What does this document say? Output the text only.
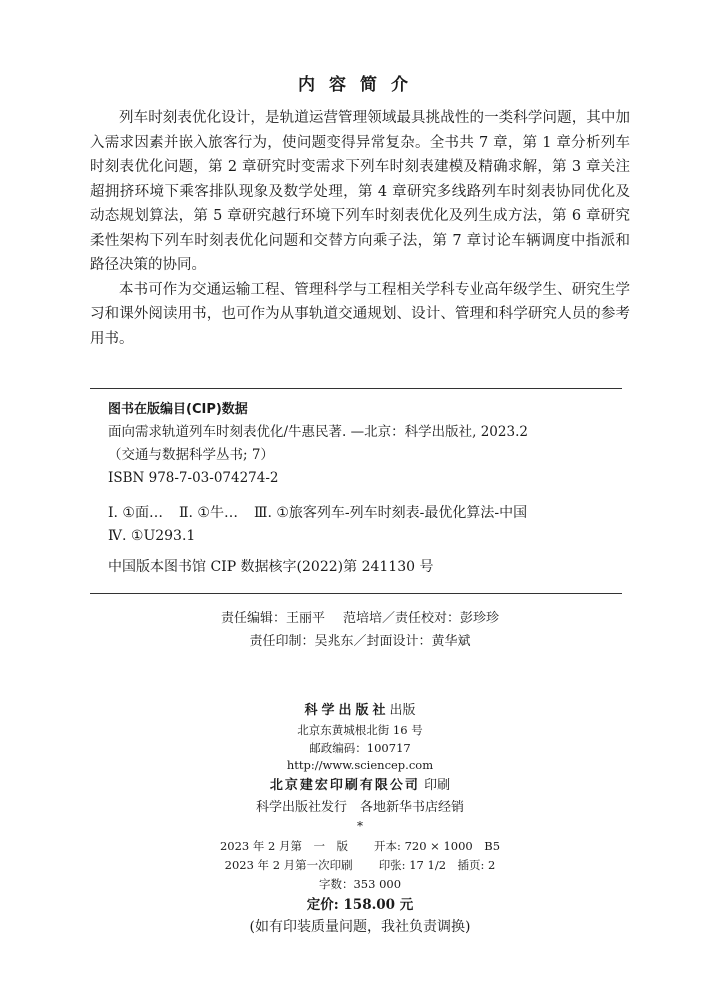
内容简介

列车时刻表优化设计，是轨道运营管理领域最具挑战性的一类科学问题，其中加入需求因素并嵌入旅客行为，使问题变得异常复杂。全书共 7 章，第 1 章分析列车时刻表优化问题，第 2 章研究时变需求下列车时刻表建模及精确求解，第 3 章关注超拥挤环境下乘客排队现象及数学处理，第 4 章研究多线路列车时刻表协同优化及动态规划算法，第 5 章研究越行环境下列车时刻表优化及列生成方法，第 6 章研究柔性架构下列车时刻表优化问题和交替方向乘子法，第 7 章讨论车辆调度中指派和路径决策的协同。

本书可作为交通运输工程、管理科学与工程相关学科专业高年级学生、研究生学习和课外阅读用书，也可作为从事轨道交通规划、设计、管理和科学研究人员的参考用书。

图书在版编目(CIP)数据
面向需求轨道列车时刻表优化/牛惠民著. —北京：科学出版社, 2023.2
（交通与数据科学丛书; 7）
ISBN 978-7-03-074274-2
Ⅰ. ①面… Ⅱ. ①牛… Ⅲ. ①旅客列车-列车时刻表-最优化算法-中国
Ⅳ. ①U293.1
中国版本图书馆 CIP 数据核字(2022)第 241130 号
责任编辑：王丽平 范培培／责任校对：彭珍珍
责任印制：吴兆东／封面设计：黄华斌
科学出版社出版
北京东黄城根北街 16 号
邮政编码：100717
http://www.sciencep.com
北京建宏印刷有限公司 印刷
科学出版社发行　各地新华书店经销
*
2023 年 2 月第　一　版 开本: 720 × 1000　B5
2023 年 2 月第一次印刷 印张: 17 1/2　插页: 2
字数：353 000
定价: 158.00 元
(如有印装质量问题，我社负责调换)
